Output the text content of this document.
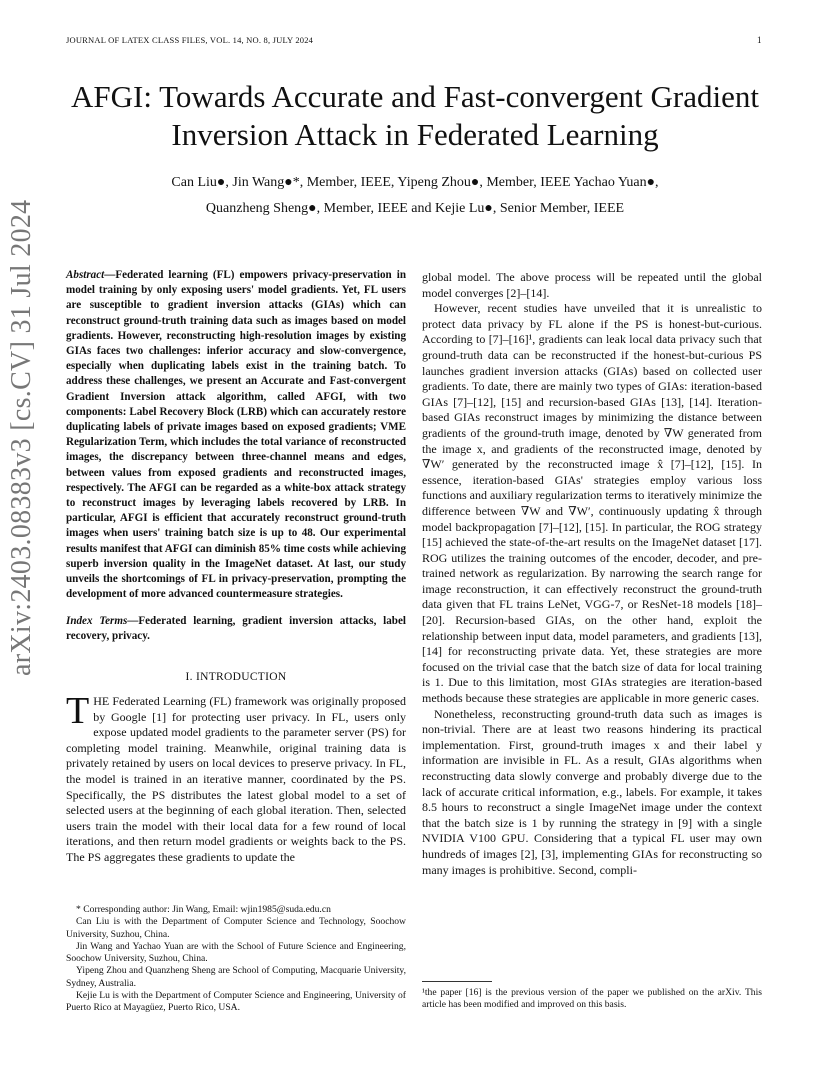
JOURNAL OF LATEX CLASS FILES, VOL. 14, NO. 8, JULY 2024	1
arXiv:2403.08383v3 [cs.CV] 31 Jul 2024
AFGI: Towards Accurate and Fast-convergent Gradient Inversion Attack in Federated Learning
Can Liu●, Jin Wang●*, Member, IEEE, Yipeng Zhou●, Member, IEEE Yachao Yuan●,
Quanzheng Sheng●, Member, IEEE and Kejie Lu●, Senior Member, IEEE
Abstract—Federated learning (FL) empowers privacy-preservation in model training by only exposing users' model gradients. Yet, FL users are susceptible to gradient inversion attacks (GIAs) which can reconstruct ground-truth training data such as images based on model gradients. However, reconstructing high-resolution images by existing GIAs faces two challenges: inferior accuracy and slow-convergence, especially when duplicating labels exist in the training batch. To address these challenges, we present an Accurate and Fast-convergent Gradient Inversion attack algorithm, called AFGI, with two components: Label Recovery Block (LRB) which can accurately restore duplicating labels of private images based on exposed gradients; VME Regularization Term, which includes the total variance of reconstructed images, the discrepancy between three-channel means and edges, between values from exposed gradients and reconstructed images, respectively. The AFGI can be regarded as a white-box attack strategy to reconstruct images by leveraging labels recovered by LRB. In particular, AFGI is efficient that accurately reconstruct ground-truth images when users' training batch size is up to 48. Our experimental results manifest that AFGI can diminish 85% time costs while achieving superb inversion quality in the ImageNet dataset. At last, our study unveils the shortcomings of FL in privacy-preservation, prompting the development of more advanced countermeasure strategies.
Index Terms—Federated learning, gradient inversion attacks, label recovery, privacy.
I. INTRODUCTION
THE Federated Learning (FL) framework was originally proposed by Google [1] for protecting user privacy. In FL, users only expose updated model gradients to the parameter server (PS) for completing model training. Meanwhile, original training data is privately retained by users on local devices to preserve privacy. In FL, the model is trained in an iterative manner, coordinated by the PS. Specifically, the PS distributes the latest global model to a set of selected users at the beginning of each global iteration. Then, selected users train the model with their local data for a few round of local iterations, and then return model gradients or weights back to the PS. The PS aggregates these gradients to update the

* Corresponding author: Jin Wang, Email: wjin1985@suda.edu.cn

Can Liu is with the Department of Computer Science and Technology, Soochow University, Suzhou, China.

Jin Wang and Yachao Yuan are with the School of Future Science and Engineering, Soochow University, Suzhou, China.

Yipeng Zhou and Quanzheng Sheng are School of Computing, Macquarie University, Sydney, Australia.

Kejie Lu is with the Department of Computer Science and Engineering, University of Puerto Rico at Mayagüez, Puerto Rico, USA.

global model. The above process will be repeated until the global model converges [2]–[14].

However, recent studies have unveiled that it is unrealistic to protect data privacy by FL alone if the PS is honest-but-curious. According to [7]–[16]¹, gradients can leak local data privacy such that ground-truth data can be reconstructed if the honest-but-curious PS launches gradient inversion attacks (GIAs) based on collected user gradients. To date, there are mainly two types of GIAs: iteration-based GIAs [7]–[12], [15] and recursion-based GIAs [13], [14]. Iteration-based GIAs reconstruct images by minimizing the distance between gradients of the ground-truth image, denoted by ∇W generated from the image x, and gradients of the reconstructed image, denoted by ∇W′ generated by the reconstructed image x̂ [7]–[12], [15]. In essence, iteration-based GIAs' strategies employ various loss functions and auxiliary regularization terms to iteratively minimize the difference between ∇W and ∇W′, continuously updating x̂ through model backpropagation [7]–[12], [15]. In particular, the ROG strategy [15] achieved the state-of-the-art results on the ImageNet dataset [17]. ROG utilizes the training outcomes of the encoder, decoder, and pre-trained network as regularization. By narrowing the search range for image reconstruction, it can effectively reconstruct the ground-truth data given that FL trains LeNet, VGG-7, or ResNet-18 models [18]–[20]. Recursion-based GIAs, on the other hand, exploit the relationship between input data, model parameters, and gradients [13], [14] for reconstructing private data. Yet, these strategies are more focused on the trivial case that the batch size of data for local training is 1. Due to this limitation, most GIAs strategies are iteration-based methods because these strategies are applicable in more generic cases.

Nonetheless, reconstructing ground-truth data such as images is non-trivial. There are at least two reasons hindering its practical implementation. First, ground-truth images x and their label y information are invisible in FL. As a result, GIAs algorithms when reconstructing data slowly converge and probably diverge due to the lack of accurate critical information, e.g., labels. For example, it takes 8.5 hours to reconstruct a single ImageNet image under the context that the batch size is 1 by running the strategy in [9] with a single NVIDIA V100 GPU. Considering that a typical FL user may own hundreds of images [2], [3], implementing GIAs for reconstructing so many images is prohibitive. Second, compli-

¹the paper [16] is the previous version of the paper we published on the arXiv. This article has been modified and improved on this basis.
